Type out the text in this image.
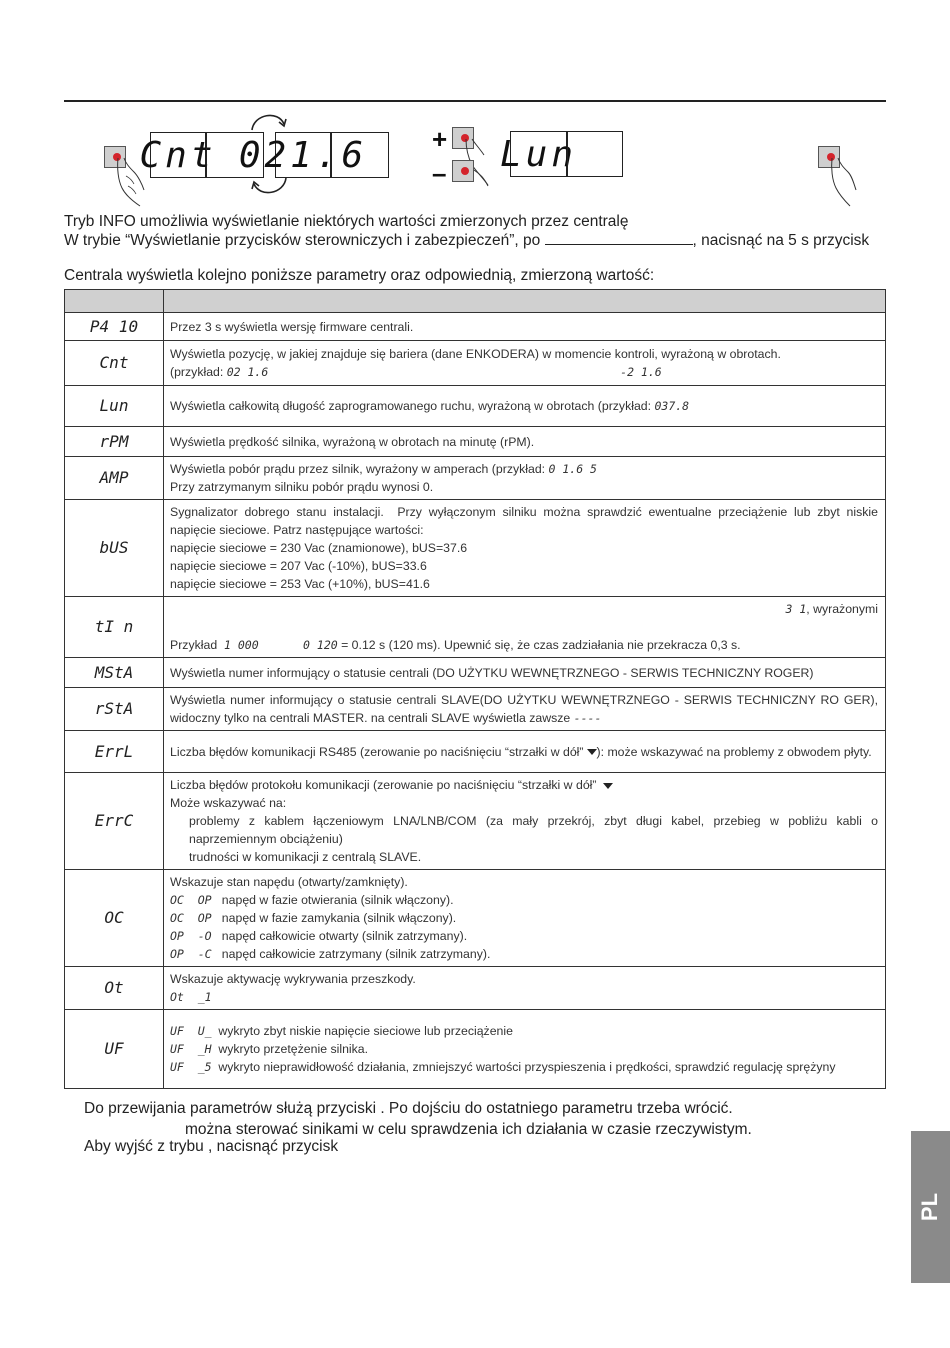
Cnt 021.6 +
– Lun
Tryb INFO umożliwia wyświetlanie niektórych wartości zmierzonych przez centralę
W trybie “Wyświetlanie przycisków sterowniczych i zabezpieczeń”, po	, nacisnąć na 5 s przycisk
Centrala wyświetla kolejno poniższe parametry oraz odpowiednią, zmierzoną wartość:

P4 10	Przez 3 s wyświetla wersję firmware centrali.

Cnt	Wyświetla pozycję, w jakiej znajduje się bariera (dane ENKODERA) w momencie kontroli, wyrażoną w obrotach.
(przykład: 02 1.6 -2 1.6

Lun	Wyświetla całkowitą długość zaprogramowanego ruchu, wyrażoną w obrotach (przykład: 037.8

rPM	Wyświetla prędkość silnika, wyrażoną w obrotach na minutę (rPM).

AMP	Wyświetla pobór prądu przez silnik, wyrażony w amperach (przykład: 0 1.6 5
Przy zatrzymanym silniku pobór prądu wynosi 0.

bUS	Sygnalizator dobrego stanu instalacji.  Przy wyłączonym silniku można sprawdzić ewentualne przeciążenie lub zbyt niskie napięcie sieciowe. Patrz następujące wartości:
napięcie sieciowe = 230 Vac (znamionowe), bUS=37.6
napięcie sieciowe = 207 Vac (-10%), bUS=33.6
napięcie sieciowe = 253 Vac (+10%), bUS=41.6

tI n	3 1, wyrażonymi

Przykład  1 000 0 120 = 0.12 s (120 ms). Upewnić się, że czas zadziałania nie przekracza 0,3 s.

MStA	Wyświetla numer informujący o statusie centrali (DO UŻYTKU WEWNĘTRZNEGO - SERWIS TECHNICZNY ROGER)

rStA	Wyświetla numer informujący o statusie centrali SLAVE(DO UŻYTKU WEWNĘTRZNEGO - SERWIS TECHNICZNY RO GER), widoczny tylko na centrali MASTER. na centrali SLAVE wyświetla zawsze ----

ErrL	Liczba błędów komunikacji RS485 (zerowanie po naciśnięciu “strzałki w dół” ): może wskazywać na problemy z obwodem płyty.

ErrC	Liczba błędów protokołu komunikacji (zerowanie po naciśnięciu “strzałki w dół”
Może wskazywać na:
problemy z kablem łączeniowym LNA/LNB/COM (za mały przekrój, zbyt długi kabel, przebieg w pobliżu kabli o naprzemiennym obciążeniu)
trudności w komunikacji z centralą SLAVE.

OC	Wskazuje stan napędu (otwarty/zamknięty).
OC  OP   napęd w fazie otwierania (silnik włączony).
OC  OP   napęd w fazie zamykania (silnik włączony).
OP  -O   napęd całkowicie otwarty (silnik zatrzymany).
OP  -C   napęd całkowicie zatrzymany (silnik zatrzymany).

Ot	Wskazuje aktywację wykrywania przeszkody.
Ot  _1

UF	UF  U_  wykryto zbyt niskie napięcie sieciowe lub przeciążenie
UF  _H  wykryto przetężenie silnika.
UF  _5  wykryto nieprawidłowość działania, zmniejszyć wartości przyspieszenia i prędkości, sprawdzić regulację sprężyny
Do przewijania parametrów służą przyciski . Po dojściu do ostatniego parametru trzeba wrócić.
można sterować sinikami w celu sprawdzenia ich działania w czasie rzeczywistym.
Aby wyjść z trybu , nacisnąć przycisk
PL
